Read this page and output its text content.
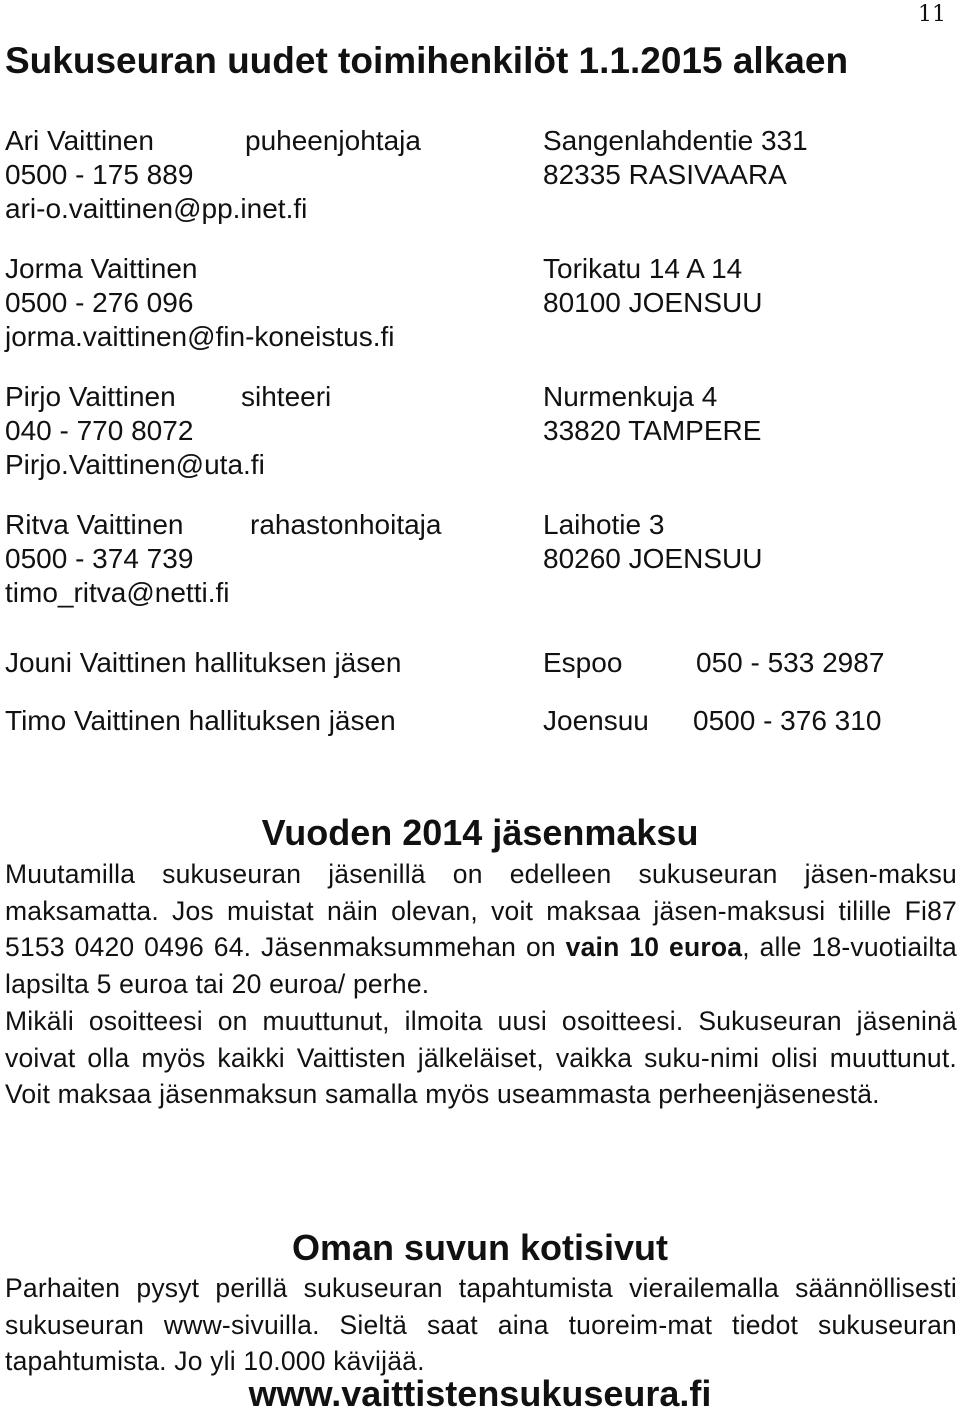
11
Sukuseuran uudet toimihenkilöt 1.1.2015 alkaen
Ari Vaittinen	puheenjohtaja	Sangenlahdentie 331
0500 - 175 889	82335 RASIVAARA
ari-o.vaittinen@pp.inet.fi
Jorma Vaittinen	Torikatu 14 A 14
0500 - 276 096	80100 JOENSUU
jorma.vaittinen@fin-koneistus.fi
Pirjo Vaittinen sihteeri	Nurmenkuja 4
040 - 770 8072	33820 TAMPERE
Pirjo.Vaittinen@uta.fi
Ritva Vaittinen rahastonhoitaja	Laihotie 3
0500 - 374 739	80260 JOENSUU
timo_ritva@netti.fi
Jouni Vaittinen hallituksen jäsen	Espoo	050 - 533 2987
Timo Vaittinen hallituksen jäsen	Joensuu 0500 - 376 310
Vuoden 2014 jäsenmaksu

Muutamilla sukuseuran jäsenillä on edelleen sukuseuran jäsen-maksu maksamatta. Jos muistat näin olevan, voit maksaa jäsen-maksusi tilille Fi87 5153 0420 0496 64. Jäsenmaksummehan on vain 10 euroa, alle 18-vuotiailta lapsilta 5 euroa tai 20 euroa/ perhe.

Mikäli osoitteesi on muuttunut, ilmoita uusi osoitteesi. Sukuseuran jäseninä voivat olla myös kaikki Vaittisten jälkeläiset, vaikka suku-nimi olisi muuttunut. Voit maksaa jäsenmaksun samalla myös useammasta perheenjäsenestä.

Oman suvun kotisivut

Parhaiten pysyt perillä sukuseuran tapahtumista vierailemalla säännöllisesti sukuseuran www-sivuilla. Sieltä saat aina tuoreim-mat tiedot sukuseuran tapahtumista. Jo yli 10.000 kävijää.

www.vaittistensukuseura.fi
